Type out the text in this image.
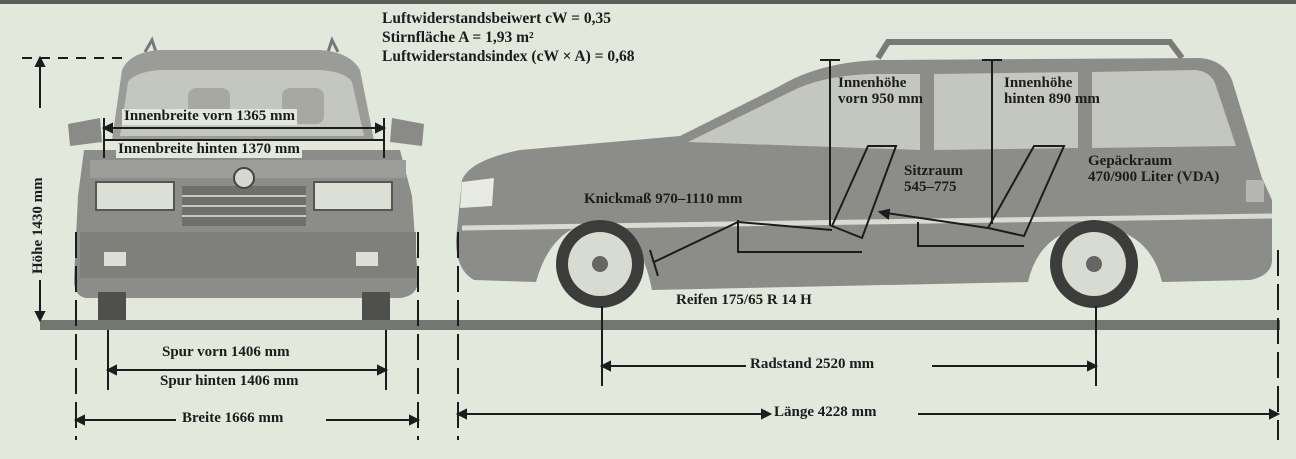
Luftwiderstandsbeiwert cW = 0,35
Stirnfläche A = 1,93 m²
Luftwiderstandsindex (cW × A) = 0,68
Innenbreite vorn 1365 mm
Innenbreite hinten 1370 mm
Höhe 1430 mm
Spur vorn 1406 mm
Spur hinten 1406 mm
Breite 1666 mm
Innenhöhe
vorn 950 mm
Innenhöhe
hinten 890 mm
Sitzraum
545–775
Gepäckraum
470/900 Liter (VDA)
Knickmaß 970–1110 mm
Reifen 175/65 R 14 H
Radstand 2520 mm
Länge 4228 mm
